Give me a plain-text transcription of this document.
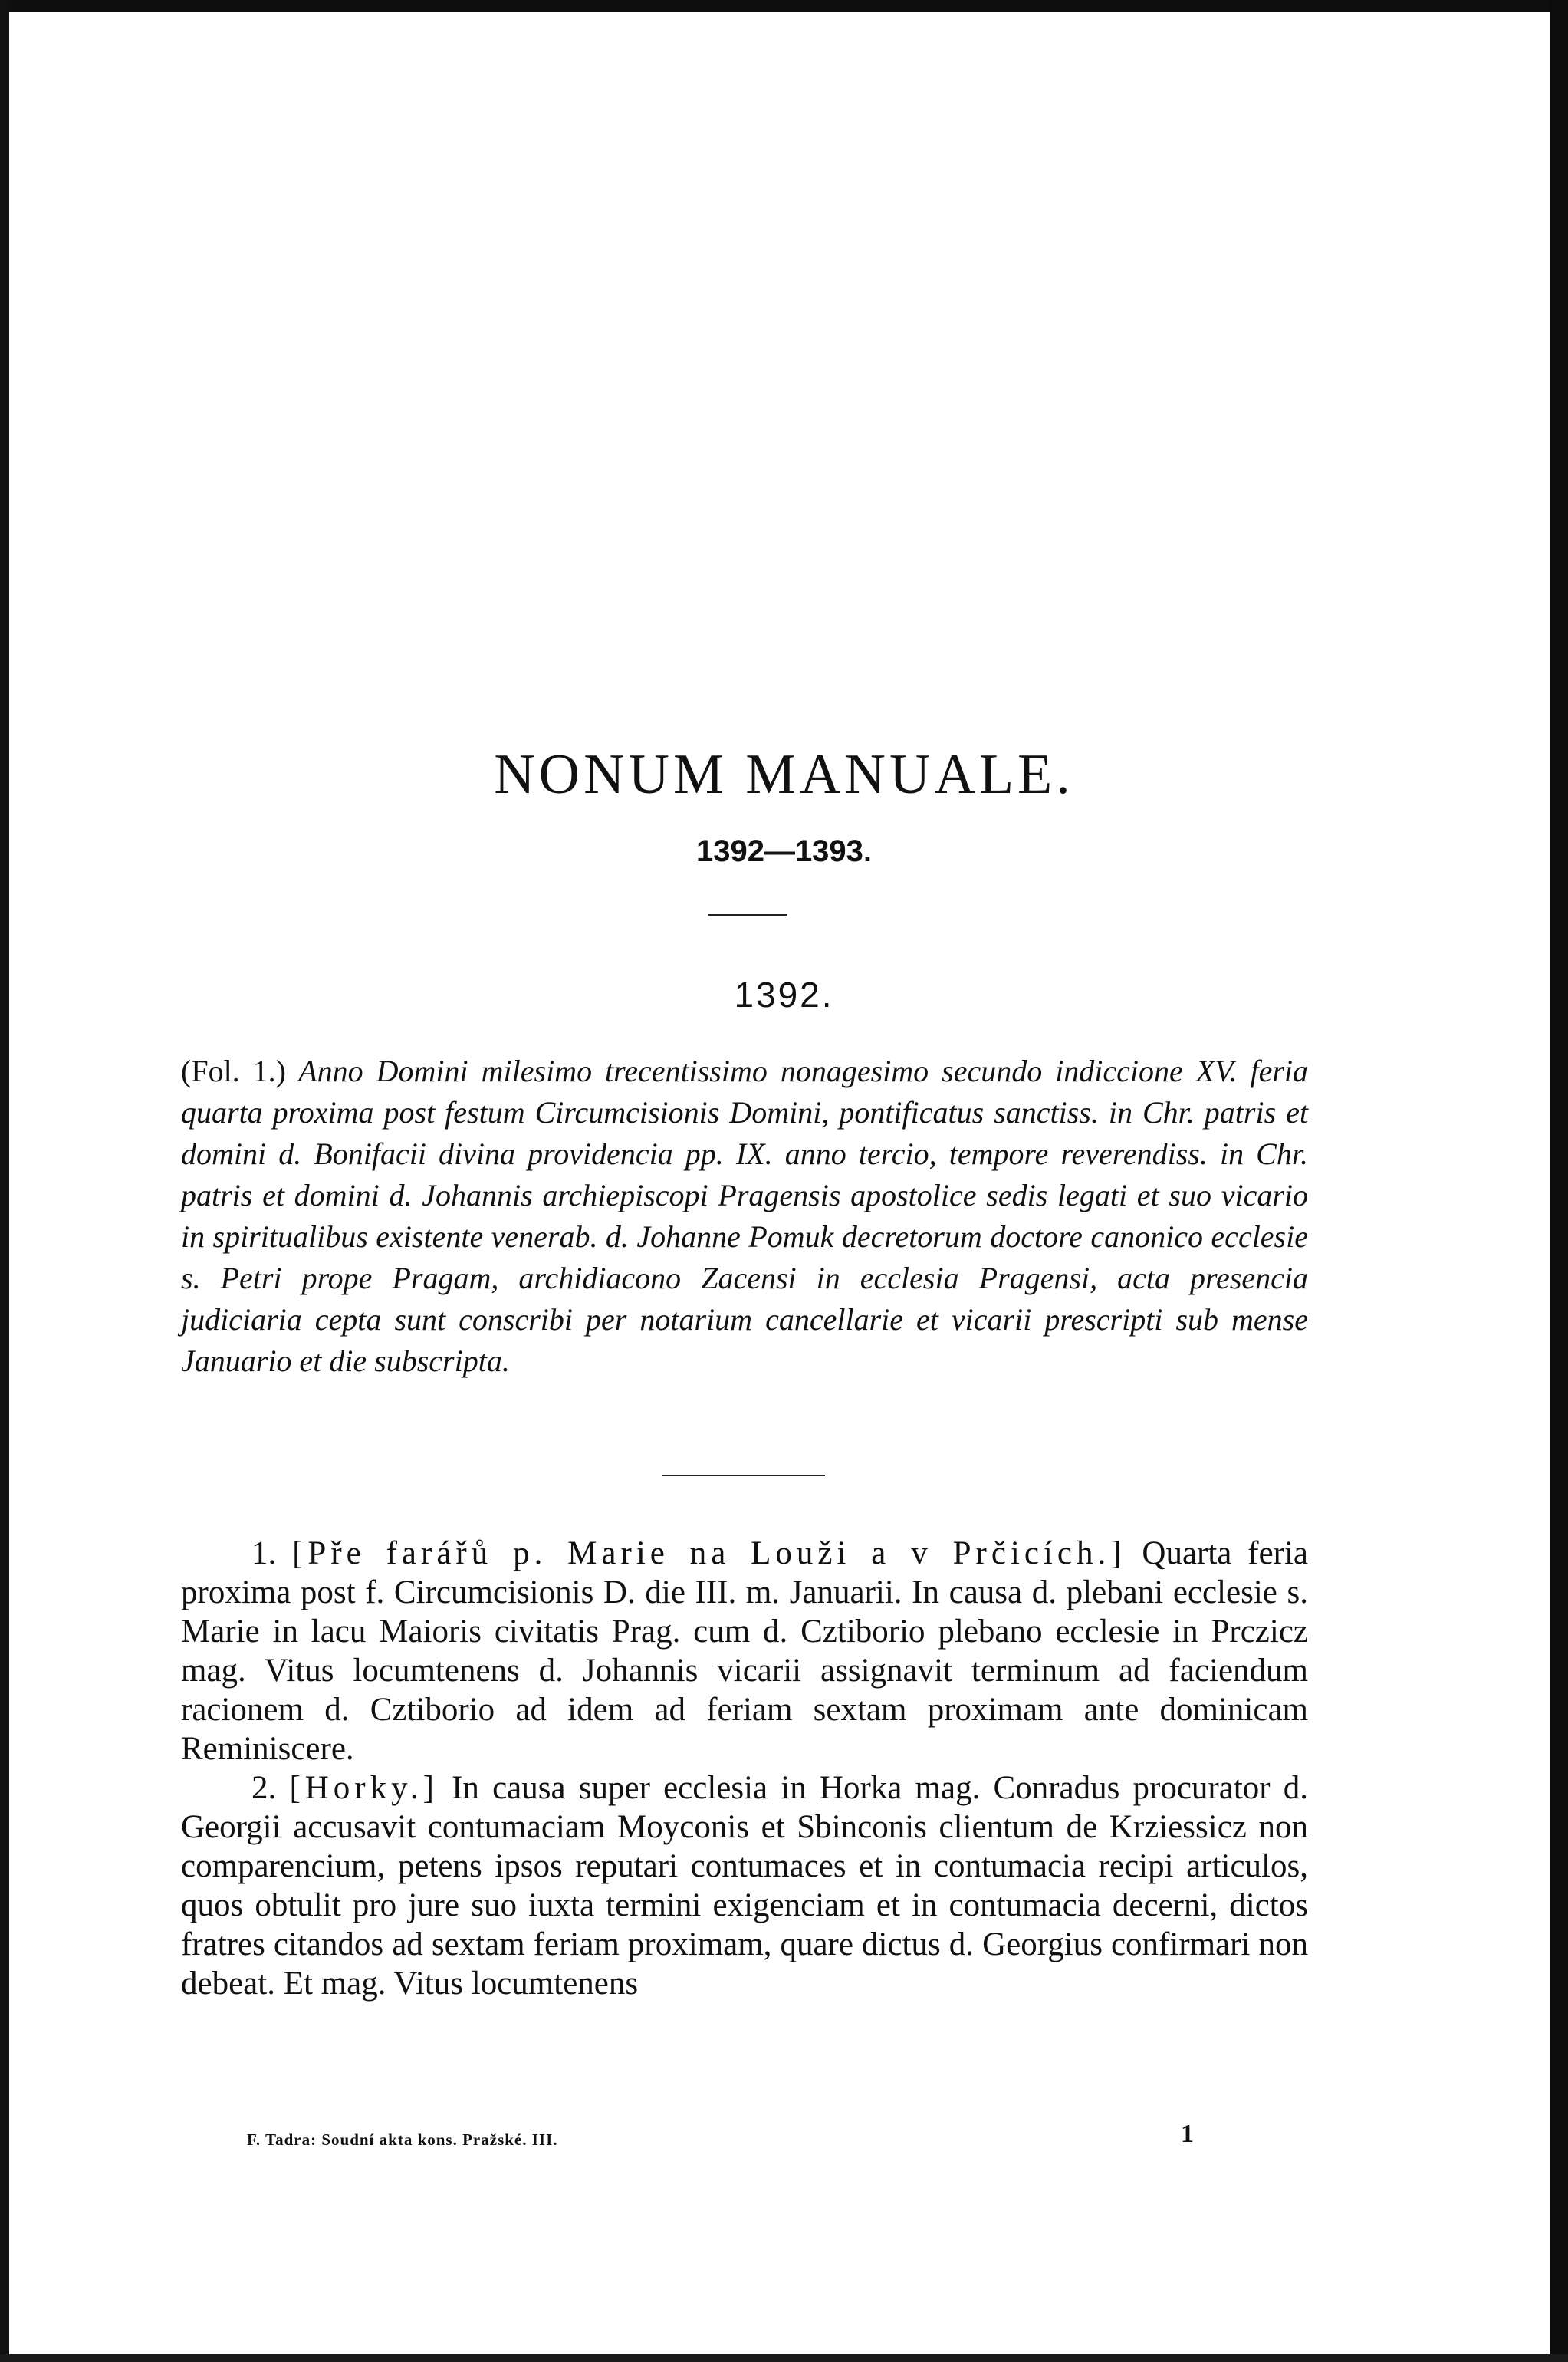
NONUM MANUALE.
1392—1393.
1392.
(Fol. 1.) Anno Domini milesimo trecentissimo nonagesimo secundo indiccione XV. feria quarta proxima post festum Circumcisionis Domini, pontificatus sanctiss. in Chr. patris et domini d. Bonifacii divina providencia pp. IX. anno tercio, tempore reverendiss. in Chr. patris et domini d. Johannis archiepiscopi Pragensis apostolice sedis legati et suo vicario in spiritualibus existente venerab. d. Johanne Pomuk decretorum doctore canonico ecclesie s. Petri prope Pragam, archidiacono Zacensi in ecclesia Pragensi, acta presencia judiciaria cepta sunt conscribi per notarium cancellarie et vicarii prescripti sub mense Januario et die subscripta.

1. [Pře farářů p. Marie na Louži a v Prčicích.] Quarta feria proxima post f. Circumcisionis D. die III. m. Januarii. In causa d. plebani ecclesie s. Marie in lacu Maioris civitatis Prag. cum d. Cztiborio plebano ecclesie in Prczicz mag. Vitus locumtenens d. Johannis vicarii assignavit terminum ad faciendum racionem d. Cztiborio ad idem ad feriam sextam proximam ante dominicam Reminiscere.

2. [Horky.] In causa super ecclesia in Horka mag. Conradus procurator d. Georgii accusavit contumaciam Moyconis et Sbinconis clientum de Krziessicz non comparencium, petens ipsos reputari contumaces et in contumacia recipi articulos, quos obtulit pro jure suo iuxta termini exigenciam et in contumacia decerni, dictos fratres citandos ad sextam feriam proximam, quare dictus d. Georgius confirmari non debeat. Et mag. Vitus locumtenens

F. Tadra: Soudní akta kons. Pražské. III.	1
